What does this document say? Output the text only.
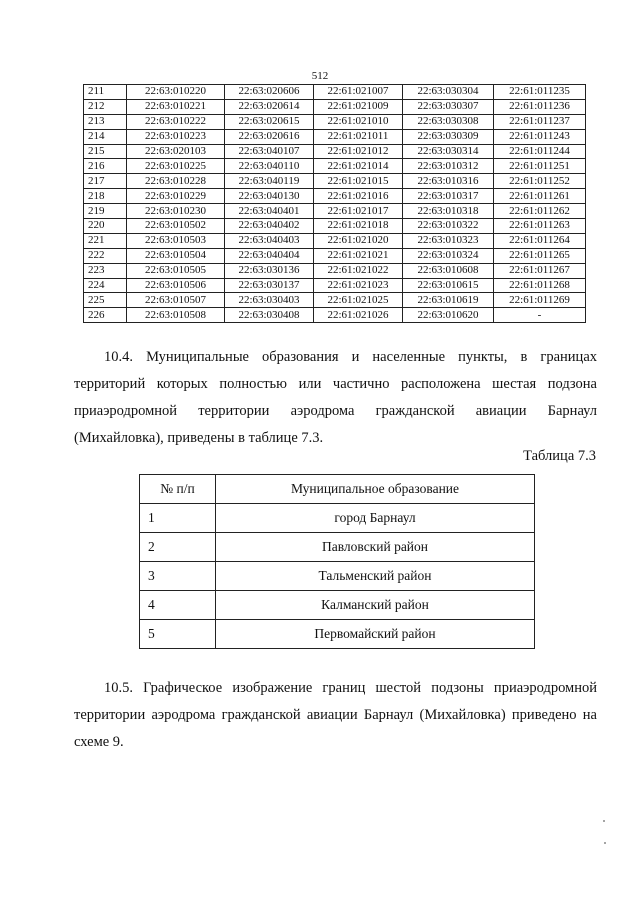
512
211	22:63:010220	22:63:020606	22:61:021007	22:63:030304	22:61:011235
212	22:63:010221	22:63:020614	22:61:021009	22:63:030307	22:61:011236
213	22:63:010222	22:63:020615	22:61:021010	22:63:030308	22:61:011237
214	22:63:010223	22:63:020616	22:61:021011	22:63:030309	22:61:011243
215	22:63:020103	22:63:040107	22:61:021012	22:63:030314	22:61:011244
216	22:63:010225	22:63:040110	22:61:021014	22:63:010312	22:61:011251
217	22:63:010228	22:63:040119	22:61:021015	22:63:010316	22:61:011252
218	22:63:010229	22:63:040130	22:61:021016	22:63:010317	22:61:011261
219	22:63:010230	22:63:040401	22:61:021017	22:63:010318	22:61:011262
220	22:63:010502	22:63:040402	22:61:021018	22:63:010322	22:61:011263
221	22:63:010503	22:63:040403	22:61:021020	22:63:010323	22:61:011264
222	22:63:010504	22:63:040404	22:61:021021	22:63:010324	22:61:011265
223	22:63:010505	22:63:030136	22:61:021022	22:63:010608	22:61:011267
224	22:63:010506	22:63:030137	22:61:021023	22:63:010615	22:61:011268
225	22:63:010507	22:63:030403	22:61:021025	22:63:010619	22:61:011269
226	22:63:010508	22:63:030408	22:61:021026	22:63:010620	-
10.4. Муниципальные образования и населенные пункты, в границах территорий которых полностью или частично расположена шестая подзона приаэродромной территории аэродрома гражданской авиации Барнаул (Михайловка), приведены в таблице 7.3.
Таблица 7.3
№ п/п	Муниципальное образование
1	город Барнаул
2	Павловский район
3	Тальменский район
4	Калманский район
5	Первомайский район
10.5. Графическое изображение границ шестой подзоны приаэродромной территории аэродрома гражданской авиации Барнаул (Михайловка) приведено на схеме 9.
